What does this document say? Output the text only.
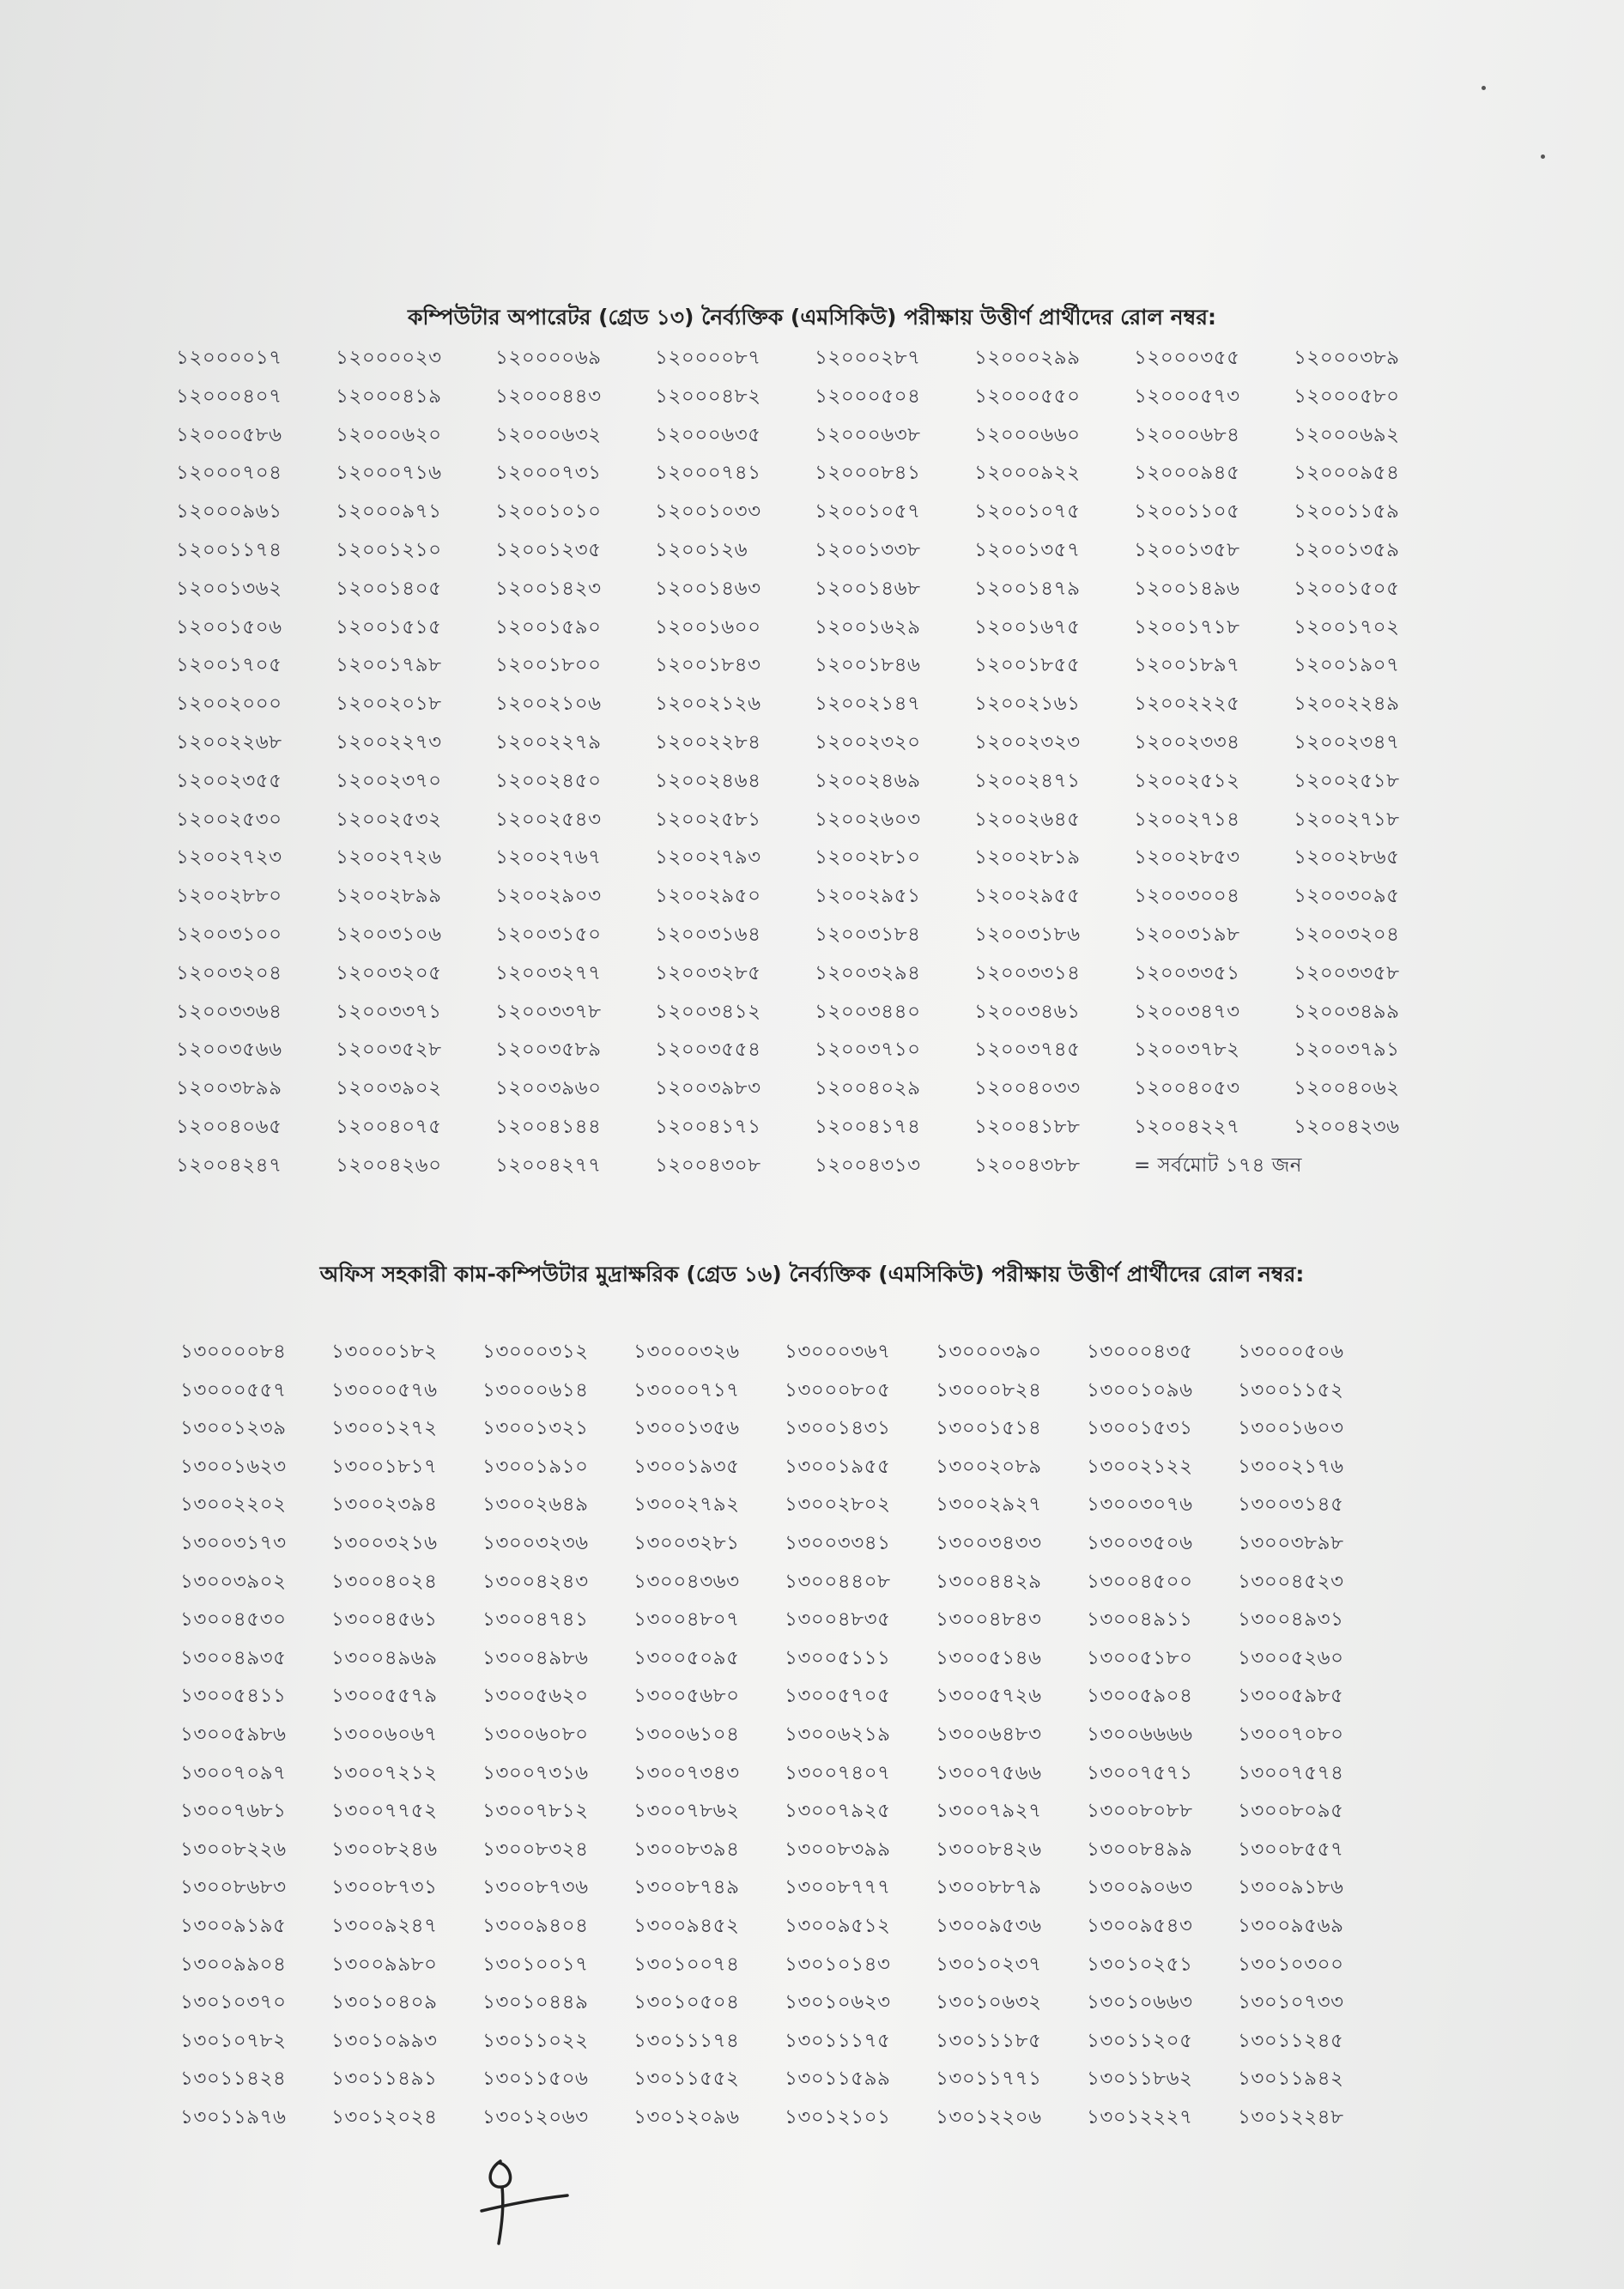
কম্পিউটার অপারেটর (গ্রেড ১৩) নৈর্ব্যক্তিক (এমসিকিউ) পরীক্ষায় উত্তীর্ণ প্রার্থীদের রোল নম্বর:
১২০০০০১৭	১২০০০০২৩	১২০০০০৬৯	১২০০০০৮৭	১২০০০২৮৭	১২০০০২৯৯	১২০০০৩৫৫	১২০০০৩৮৯
১২০০০৪০৭	১২০০০৪১৯	১২০০০৪৪৩	১২০০০৪৮২	১২০০০৫০৪	১২০০০৫৫০	১২০০০৫৭৩	১২০০০৫৮০
১২০০০৫৮৬	১২০০০৬২০	১২০০০৬৩২	১২০০০৬৩৫	১২০০০৬৩৮	১২০০০৬৬০	১২০০০৬৮৪	১২০০০৬৯২
১২০০০৭০৪	১২০০০৭১৬	১২০০০৭৩১	১২০০০৭৪১	১২০০০৮৪১	১২০০০৯২২	১২০০০৯৪৫	১২০০০৯৫৪
১২০০০৯৬১	১২০০০৯৭১	১২০০১০১০	১২০০১০৩৩	১২০০১০৫৭	১২০০১০৭৫	১২০০১১০৫	১২০০১১৫৯
১২০০১১৭৪	১২০০১২১০	১২০০১২৩৫	১২০০১২৬	১২০০১৩৩৮	১২০০১৩৫৭	১২০০১৩৫৮	১২০০১৩৫৯
১২০০১৩৬২	১২০০১৪০৫	১২০০১৪২৩	১২০০১৪৬৩	১২০০১৪৬৮	১২০০১৪৭৯	১২০০১৪৯৬	১২০০১৫০৫
১২০০১৫০৬	১২০০১৫১৫	১২০০১৫৯০	১২০০১৬০০	১২০০১৬২৯	১২০০১৬৭৫	১২০০১৭১৮	১২০০১৭০২
১২০০১৭০৫	১২০০১৭৯৮	১২০০১৮০০	১২০০১৮৪৩	১২০০১৮৪৬	১২০০১৮৫৫	১২০০১৮৯৭	১২০০১৯০৭
১২০০২০০০	১২০০২০১৮	১২০০২১০৬	১২০০২১২৬	১২০০২১৪৭	১২০০২১৬১	১২০০২২২৫	১২০০২২৪৯
১২০০২২৬৮	১২০০২২৭৩	১২০০২২৭৯	১২০০২২৮৪	১২০০২৩২০	১২০০২৩২৩	১২০০২৩৩৪	১২০০২৩৪৭
১২০০২৩৫৫	১২০০২৩৭০	১২০০২৪৫০	১২০০২৪৬৪	১২০০২৪৬৯	১২০০২৪৭১	১২০০২৫১২	১২০০২৫১৮
১২০০২৫৩০	১২০০২৫৩২	১২০০২৫৪৩	১২০০২৫৮১	১২০০২৬০৩	১২০০২৬৪৫	১২০০২৭১৪	১২০০২৭১৮
১২০০২৭২৩	১২০০২৭২৬	১২০০২৭৬৭	১২০০২৭৯৩	১২০০২৮১০	১২০০২৮১৯	১২০০২৮৫৩	১২০০২৮৬৫
১২০০২৮৮০	১২০০২৮৯৯	১২০০২৯০৩	১২০০২৯৫০	১২০০২৯৫১	১২০০২৯৫৫	১২০০৩০০৪	১২০০৩০৯৫
১২০০৩১০০	১২০০৩১০৬	১২০০৩১৫০	১২০০৩১৬৪	১২০০৩১৮৪	১২০০৩১৮৬	১২০০৩১৯৮	১২০০৩২০৪
১২০০৩২০৪	১২০০৩২০৫	১২০০৩২৭৭	১২০০৩২৮৫	১২০০৩২৯৪	১২০০৩৩১৪	১২০০৩৩৫১	১২০০৩৩৫৮
১২০০৩৩৬৪	১২০০৩৩৭১	১২০০৩৩৭৮	১২০০৩৪১২	১২০০৩৪৪০	১২০০৩৪৬১	১২০০৩৪৭৩	১২০০৩৪৯৯
১২০০৩৫৬৬	১২০০৩৫২৮	১২০০৩৫৮৯	১২০০৩৫৫৪	১২০০৩৭১০	১২০০৩৭৪৫	১২০০৩৭৮২	১২০০৩৭৯১
১২০০৩৮৯৯	১২০০৩৯০২	১২০০৩৯৬০	১২০০৩৯৮৩	১২০০৪০২৯	১২০০৪০৩৩	১২০০৪০৫৩	১২০০৪০৬২
১২০০৪০৬৫	১২০০৪০৭৫	১২০০৪১৪৪	১২০০৪১৭১	১২০০৪১৭৪	১২০০৪১৮৮	১২০০৪২২৭	১২০০৪২৩৬
১২০০৪২৪৭	১২০০৪২৬০	১২০০৪২৭৭	১২০০৪৩০৮	১২০০৪৩১৩	১২০০৪৩৮৮	= সর্বমোট ১৭৪ জন
অফিস সহকারী কাম-কম্পিউটার মুদ্রাক্ষরিক (গ্রেড ১৬) নৈর্ব্যক্তিক (এমসিকিউ) পরীক্ষায় উত্তীর্ণ প্রার্থীদের রোল নম্বর:
১৩০০০০৮৪ ১৩০০০১৮২ ১৩০০০৩১২ ১৩০০০৩২৬ ১৩০০০৩৬৭ ১৩০০০৩৯০ ১৩০০০৪৩৫ ১৩০০০৫০৬
১৩০০০৫৫৭ ১৩০০০৫৭৬ ১৩০০০৬১৪ ১৩০০০৭১৭ ১৩০০০৮০৫ ১৩০০০৮২৪ ১৩০০১০৯৬ ১৩০০১১৫২
১৩০০১২৩৯ ১৩০০১২৭২ ১৩০০১৩২১ ১৩০০১৩৫৬ ১৩০০১৪৩১ ১৩০০১৫১৪ ১৩০০১৫৩১ ১৩০০১৬০৩
১৩০০১৬২৩ ১৩০০১৮১৭ ১৩০০১৯১০ ১৩০০১৯৩৫ ১৩০০১৯৫৫ ১৩০০২০৮৯ ১৩০০২১২২ ১৩০০২১৭৬
১৩০০২২০২ ১৩০০২৩৯৪ ১৩০০২৬৪৯ ১৩০০২৭৯২ ১৩০০২৮০২ ১৩০০২৯২৭ ১৩০০৩০৭৬ ১৩০০৩১৪৫
১৩০০৩১৭৩ ১৩০০৩২১৬ ১৩০০৩২৩৬ ১৩০০৩২৮১ ১৩০০৩৩৪১ ১৩০০৩৪৩৩ ১৩০০৩৫০৬ ১৩০০৩৮৯৮
১৩০০৩৯০২ ১৩০০৪০২৪ ১৩০০৪২৪৩ ১৩০০৪৩৬৩ ১৩০০৪৪০৮ ১৩০০৪৪২৯ ১৩০০৪৫০০ ১৩০০৪৫২৩
১৩০০৪৫৩০ ১৩০০৪৫৬১ ১৩০০৪৭৪১ ১৩০০৪৮০৭ ১৩০০৪৮৩৫ ১৩০০৪৮৪৩ ১৩০০৪৯১১ ১৩০০৪৯৩১
১৩০০৪৯৩৫ ১৩০০৪৯৬৯ ১৩০০৪৯৮৬ ১৩০০৫০৯৫ ১৩০০৫১১১ ১৩০০৫১৪৬ ১৩০০৫১৮০ ১৩০০৫২৬০
১৩০০৫৪১১ ১৩০০৫৫৭৯ ১৩০০৫৬২০ ১৩০০৫৬৮০ ১৩০০৫৭০৫ ১৩০০৫৭২৬ ১৩০০৫৯০৪ ১৩০০৫৯৮৫
১৩০০৫৯৮৬ ১৩০০৬০৬৭ ১৩০০৬০৮০ ১৩০০৬১০৪ ১৩০০৬২১৯ ১৩০০৬৪৮৩ ১৩০০৬৬৬৬ ১৩০০৭০৮০
১৩০০৭০৯৭ ১৩০০৭২১২ ১৩০০৭৩১৬ ১৩০০৭৩৪৩ ১৩০০৭৪০৭ ১৩০০৭৫৬৬ ১৩০০৭৫৭১ ১৩০০৭৫৭৪
১৩০০৭৬৮১ ১৩০০৭৭৫২ ১৩০০৭৮১২ ১৩০০৭৮৬২ ১৩০০৭৯২৫ ১৩০০৭৯২৭ ১৩০০৮০৮৮ ১৩০০৮০৯৫
১৩০০৮২২৬ ১৩০০৮২৪৬ ১৩০০৮৩২৪ ১৩০০৮৩৯৪ ১৩০০৮৩৯৯ ১৩০০৮৪২৬ ১৩০০৮৪৯৯ ১৩০০৮৫৫৭
১৩০০৮৬৮৩ ১৩০০৮৭৩১ ১৩০০৮৭৩৬ ১৩০০৮৭৪৯ ১৩০০৮৭৭৭ ১৩০০৮৮৭৯ ১৩০০৯০৬৩ ১৩০০৯১৮৬
১৩০০৯১৯৫ ১৩০০৯২৪৭ ১৩০০৯৪০৪ ১৩০০৯৪৫২ ১৩০০৯৫১২ ১৩০০৯৫৩৬ ১৩০০৯৫৪৩ ১৩০০৯৫৬৯
১৩০০৯৯০৪ ১৩০০৯৯৮০ ১৩০১০০১৭ ১৩০১০০৭৪ ১৩০১০১৪৩ ১৩০১০২৩৭ ১৩০১০২৫১ ১৩০১০৩০০
১৩০১০৩৭০ ১৩০১০৪০৯ ১৩০১০৪৪৯ ১৩০১০৫০৪ ১৩০১০৬২৩ ১৩০১০৬৩২ ১৩০১০৬৬৩ ১৩০১০৭৩৩
১৩০১০৭৮২ ১৩০১০৯৯৩ ১৩০১১০২২ ১৩০১১১৭৪ ১৩০১১১৭৫ ১৩০১১১৮৫ ১৩০১১২০৫ ১৩০১১২৪৫
১৩০১১৪২৪ ১৩০১১৪৯১ ১৩০১১৫০৬ ১৩০১১৫৫২ ১৩০১১৫৯৯ ১৩০১১৭৭১ ১৩০১১৮৬২ ১৩০১১৯৪২
১৩০১১৯৭৬ ১৩০১২০২৪ ১৩০১২০৬৩ ১৩০১২০৯৬ ১৩০১২১০১ ১৩০১২২০৬ ১৩০১২২২৭ ১৩০১২২৪৮
